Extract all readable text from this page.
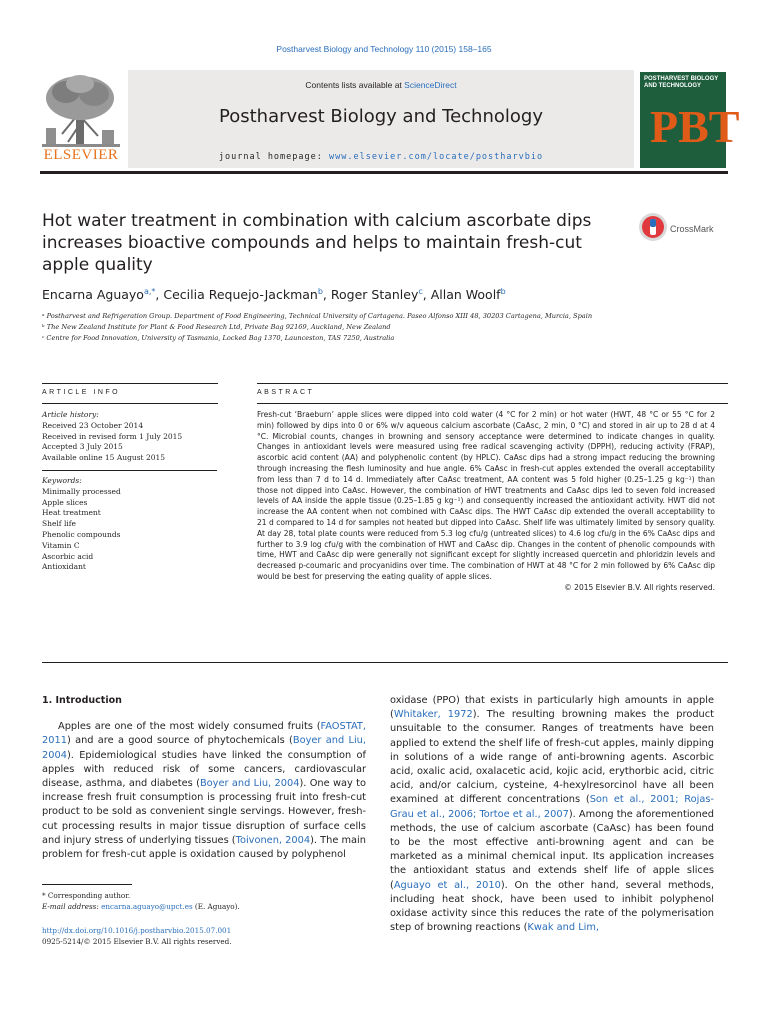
Postharvest Biology and Technology 110 (2015) 158–165
ELSEVIER
Contents lists available at ScienceDirect
Postharvest Biology and Technology
journal homepage: www.elsevier.com/locate/postharvbio
POSTHARVEST BIOLOGY AND TECHNOLOGY
PBT
Hot water treatment in combination with calcium ascorbate dips increases bioactive compounds and helps to maintain fresh-cut apple quality
CrossMark
Encarna Aguayo$^{a,*}$, Cecilia Requejo-Jackman$^b$, Roger Stanley$^c$, Allan Woolf$^b$
ᵃ Postharvest and Refrigeration Group. Department of Food Engineering, Technical University of Cartagena. Paseo Alfonso XIII 48, 30203 Cartagena, Murcia, Spain
ᵇ The New Zealand Institute for Plant & Food Research Ltd, Private Bag 92169, Auckland, New Zealand
ᶜ Centre for Food Innovation, University of Tasmania, Locked Bag 1370, Launceston, TAS 7250, Australia
ARTICLE INFO	ABSTRACT
Article history:
Received 23 October 2014
Received in revised form 1 July 2015
Accepted 3 July 2015
Available online 15 August 2015
Keywords:
Minimally processed
Apple slices
Heat treatment
Shelf life
Phenolic compounds
Vitamin C
Ascorbic acid
Antioxidant
Fresh-cut ‘Braeburn’ apple slices were dipped into cold water (4 °C for 2 min) or hot water (HWT, 48 °C or 55 °C for 2 min) followed by dips into 0 or 6% w/v aqueous calcium ascorbate (CaAsc, 2 min, 0 °C) and stored in air up to 28 d at 4 °C. Microbial counts, changes in browning and sensory acceptance were determined to indicate changes in quality. Changes in antioxidant levels were measured using free radical scavenging activity (DPPH), reducing activity (FRAP), ascorbic acid content (AA) and polyphenolic content (by HPLC). CaAsc dips had a strong impact reducing the browning through increasing the flesh luminosity and hue angle. 6% CaAsc in fresh-cut apples extended the overall acceptability from less than 7 d to 14 d. Immediately after CaAsc treatment, AA content was 5 fold higher (0.25–1.25 g kg⁻¹) than those not dipped into CaAsc. However, the combination of HWT treatments and CaAsc dips led to seven fold increased levels of AA inside the apple tissue (0.25–1.85 g kg⁻¹) and consequently increased the antioxidant activity. HWT did not increase the AA content when not combined with CaAsc dips. The HWT CaAsc dip extended the overall acceptability to 21 d compared to 14 d for samples not heated but dipped into CaAsc. Shelf life was ultimately limited by sensory quality. At day 28, total plate counts were reduced from 5.3 log cfu/g (untreated slices) to 4.6 log cfu/g in the 6% CaAsc dips and further to 3.9 log cfu/g with the combination of HWT and CaAsc dip. Changes in the content of phenolic compounds with time, HWT and CaAsc dip were generally not significant except for slightly increased quercetin and phloridzin levels and decreased p-coumaric and procyanidins over time. The combination of HWT at 48 °C for 2 min followed by 6% CaAsc dip would be best for preserving the eating quality of apple slices.
© 2015 Elsevier B.V. All rights reserved.
1. Introduction

Apples are one of the most widely consumed fruits (FAOSTAT, 2011) and are a good source of phytochemicals (Boyer and Liu, 2004). Epidemiological studies have linked the consumption of apples with reduced risk of some cancers, cardiovascular disease, asthma, and diabetes (Boyer and Liu, 2004). One way to increase fresh fruit consumption is processing fruit into fresh-cut product to be sold as convenient single servings. However, fresh-cut processing results in major tissue disruption of surface cells and injury stress of underlying tissues (Toivonen, 2004). The main problem for fresh-cut apple is oxidation caused by polyphenol

oxidase (PPO) that exists in particularly high amounts in apple (Whitaker, 1972). The resulting browning makes the product unsuitable to the consumer. Ranges of treatments have been applied to extend the shelf life of fresh-cut apples, mainly dipping in solutions of a wide range of anti-browning agents. Ascorbic acid, oxalic acid, oxalacetic acid, kojic acid, erythorbic acid, citric acid, and/or calcium, cysteine, 4-hexylresorcinol have all been examined at different concentrations (Son et al., 2001; Rojas-Grau et al., 2006; Tortoe et al., 2007). Among the aforementioned methods, the use of calcium ascorbate (CaAsc) has been found to be the most effective anti-browning agent and can be marketed as a minimal chemical input. Its application increases the antioxidant status and extends shelf life of apple slices (Aguayo et al., 2010). On the other hand, several methods, including heat shock, have been used to inhibit polyphenol oxidase activity since this reduces the rate of the polymerisation step of browning reactions (Kwak and Lim,

* Corresponding author.
E-mail address: encarna.aguayo@upct.es (E. Aguayo).
http://dx.doi.org/10.1016/j.postharvbio.2015.07.001
0925-5214/© 2015 Elsevier B.V. All rights reserved.
